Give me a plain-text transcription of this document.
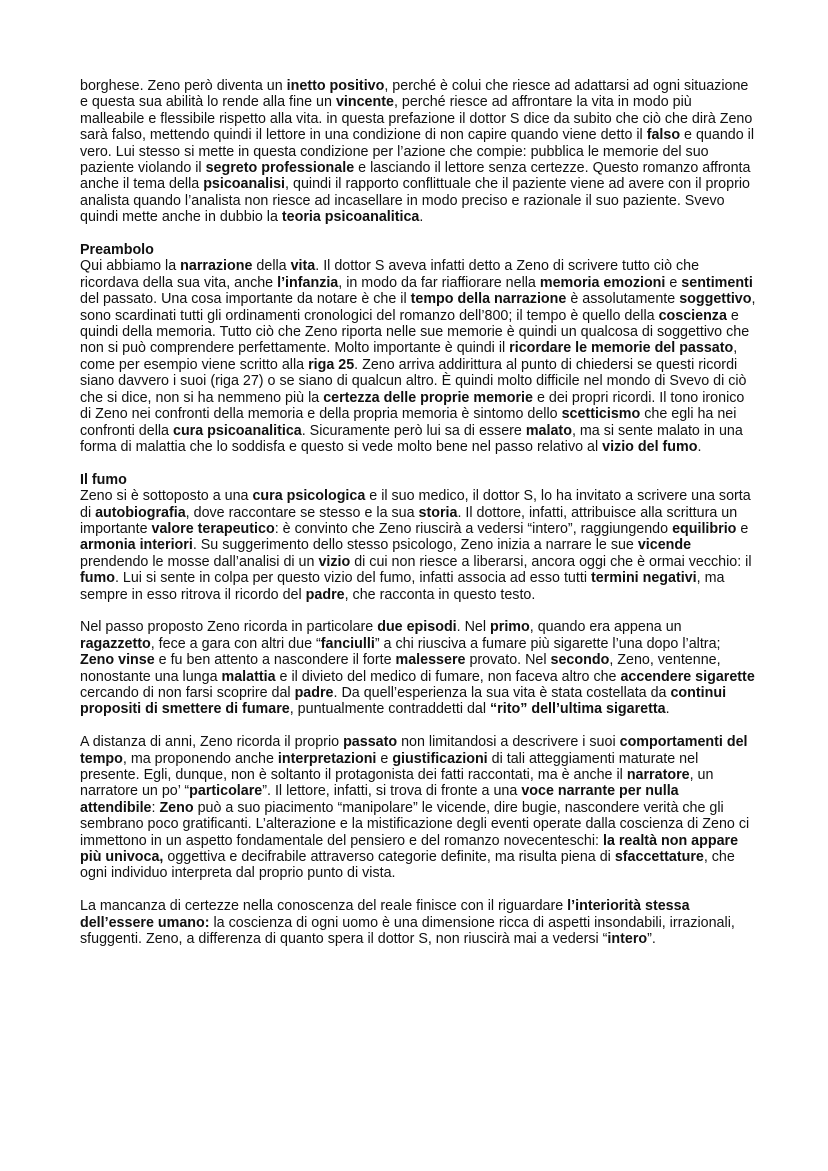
borghese. Zeno però diventa un inetto positivo, perché è colui che riesce ad adattarsi ad ogni situazione e questa sua abilità lo rende alla fine un vincente, perché riesce ad affrontare la vita in modo più malleabile e flessibile rispetto alla vita. in questa prefazione il dottor S dice da subito che ciò che dirà Zeno sarà falso, mettendo quindi il lettore in una condizione di non capire quando viene detto il falso e quando il vero. Lui stesso si mette in questa condizione per l’azione che compie: pubblica le memorie del suo paziente violando il segreto professionale e lasciando il lettore senza certezze. Questo romanzo affronta anche il tema della psicoanalisi, quindi il rapporto conflittuale che il paziente viene ad avere con il proprio analista quando l’analista non riesce ad incasellare in modo preciso e razionale il suo paziente. Svevo quindi mette anche in dubbio la teoria psicoanalitica.
Preambolo
Qui abbiamo la narrazione della vita. Il dottor S aveva infatti detto a Zeno di scrivere tutto ciò che ricordava della sua vita, anche l’infanzia, in modo da far riaffiorare nella memoria emozioni e sentimenti del passato. Una cosa importante da notare è che il tempo della narrazione è assolutamente soggettivo, sono scardinati tutti gli ordinamenti cronologici del romanzo dell’800; il tempo è quello della coscienza e quindi della memoria. Tutto ciò che Zeno riporta nelle sue memorie è quindi un qualcosa di soggettivo che non si può comprendere perfettamente. Molto importante è quindi il ricordare le memorie del passato, come per esempio viene scritto alla riga 25. Zeno arriva addirittura al punto di chiedersi se questi ricordi siano davvero i suoi (riga 27) o se siano di qualcun altro. È quindi molto difficile nel mondo di Svevo di ciò che si dice, non si ha nemmeno più la certezza delle proprie memorie e dei propri ricordi. Il tono ironico di Zeno nei confronti della memoria e della propria memoria è sintomo dello scetticismo che egli ha nei confronti della cura psicoanalitica. Sicuramente però lui sa di essere malato, ma si sente malato in una forma di malattia che lo soddisfa e questo si vede molto bene nel passo relativo al vizio del fumo.
Il fumo
Zeno si è sottoposto a una cura psicologica e il suo medico, il dottor S, lo ha invitato a scrivere una sorta di autobiografia, dove raccontare se stesso e la sua storia. Il dottore, infatti, attribuisce alla scrittura un importante valore terapeutico: è convinto che Zeno riuscirà a vedersi “intero”, raggiungendo equilibrio e armonia interiori. Su suggerimento dello stesso psicologo, Zeno inizia a narrare le sue vicende prendendo le mosse dall’analisi di un vizio di cui non riesce a liberarsi, ancora oggi che è ormai vecchio: il fumo. Lui si sente in colpa per questo vizio del fumo, infatti associa ad esso tutti termini negativi, ma sempre in esso ritrova il ricordo del padre, che racconta in questo testo.
Nel passo proposto Zeno ricorda in particolare due episodi. Nel primo, quando era appena un ragazzetto, fece a gara con altri due “fanciulli” a chi riusciva a fumare più sigarette l’una dopo l’altra; Zeno vinse e fu ben attento a nascondere il forte malessere provato. Nel secondo, Zeno, ventenne, nonostante una lunga malattia e il divieto del medico di fumare, non faceva altro che accendere sigarette cercando di non farsi scoprire dal padre. Da quell’esperienza la sua vita è stata costellata da continui propositi di smettere di fumare, puntualmente contraddetti dal “rito” dell’ultima sigaretta.
A distanza di anni, Zeno ricorda il proprio passato non limitandosi a descrivere i suoi comportamenti del tempo, ma proponendo anche interpretazioni e giustificazioni di tali atteggiamenti maturate nel presente. Egli, dunque, non è soltanto il protagonista dei fatti raccontati, ma è anche il narratore, un narratore un po’ “particolare”. Il lettore, infatti, si trova di fronte a una voce narrante per nulla attendibile: Zeno può a suo piacimento “manipolare” le vicende, dire bugie, nascondere verità che gli sembrano poco gratificanti. L’alterazione e la mistificazione degli eventi operate dalla coscienza di Zeno ci immettono in un aspetto fondamentale del pensiero e del romanzo novecenteschi: la realtà non appare più univoca, oggettiva e decifrabile attraverso categorie definite, ma risulta piena di sfaccettature, che ogni individuo interpreta dal proprio punto di vista.
La mancanza di certezze nella conoscenza del reale finisce con il riguardare l’interiorità stessa dell’essere umano: la coscienza di ogni uomo è una dimensione ricca di aspetti insondabili, irrazionali, sfuggenti. Zeno, a differenza di quanto spera il dottor S, non riuscirà mai a vedersi “intero”.
